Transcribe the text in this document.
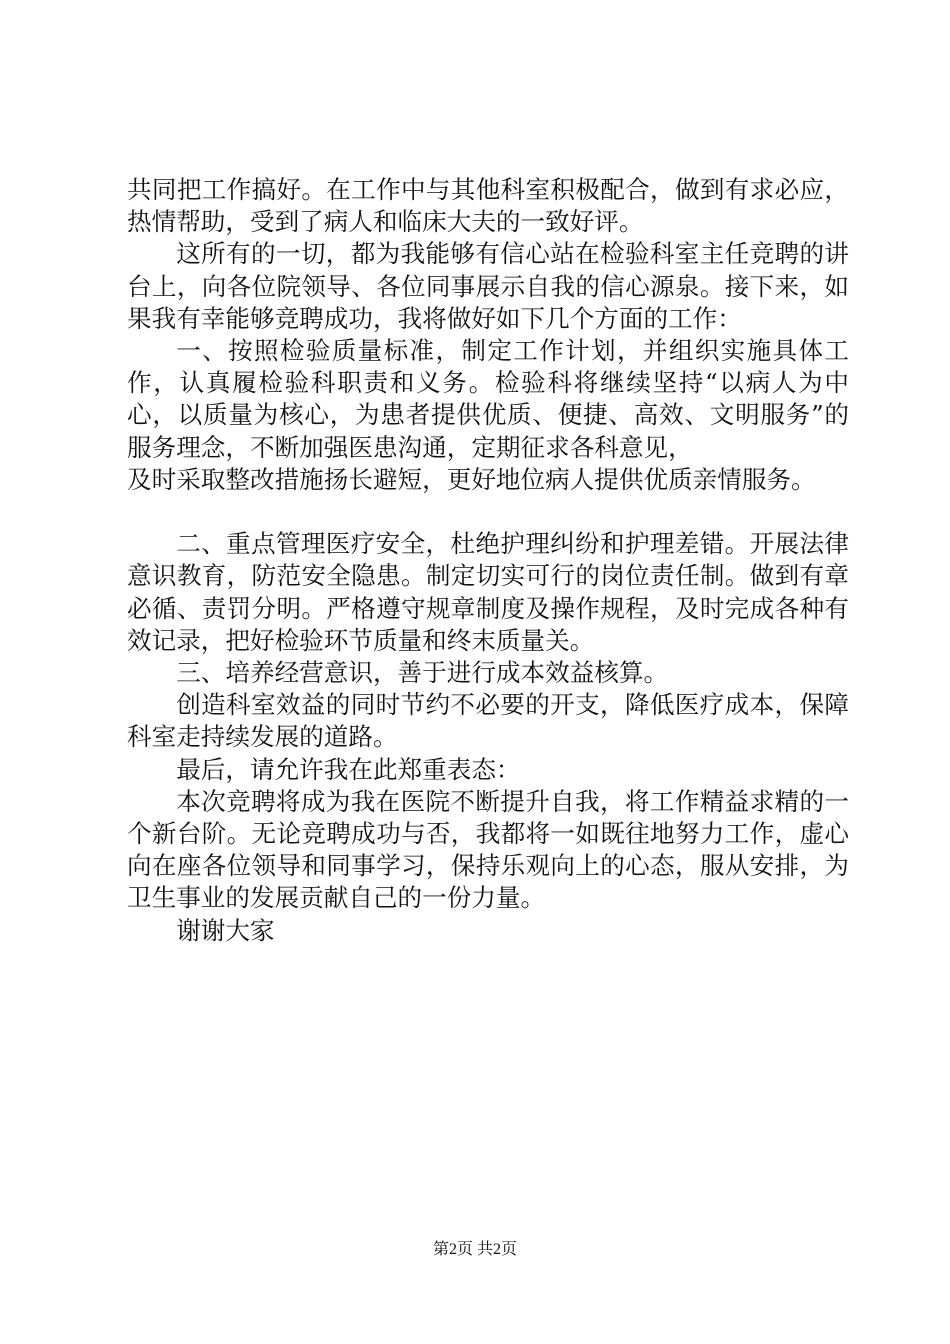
共同把工作搞好。在工作中与其他科室积极配合，做到有求必应，热情帮助，受到了病人和临床大夫的一致好评。

这所有的一切，都为我能够有信心站在检验科室主任竞聘的讲台上，向各位院领导、各位同事展示自我的信心源泉。接下来，如果我有幸能够竞聘成功，我将做好如下几个方面的工作：

一、按照检验质量标准，制定工作计划，并组织实施具体工作，认真履检验科职责和义务。检验科将继续坚持“以病人为中心，以质量为核心，为患者提供优质、便捷、高效、文明服务”的服务理念，不断加强医患沟通，定期征求各科意见，

及时采取整改措施扬长避短，更好地位病人提供优质亲情服务。

二、重点管理医疗安全，杜绝护理纠纷和护理差错。开展法律意识教育，防范安全隐患。制定切实可行的岗位责任制。做到有章必循、责罚分明。严格遵守规章制度及操作规程，及时完成各种有效记录，把好检验环节质量和终末质量关。

三、培养经营意识，善于进行成本效益核算。

创造科室效益的同时节约不必要的开支，降低医疗成本，保障科室走持续发展的道路。

最后，请允许我在此郑重表态：

本次竞聘将成为我在医院不断提升自我，将工作精益求精的一个新台阶。无论竞聘成功与否，我都将一如既往地努力工作，虚心向在座各位领导和同事学习，保持乐观向上的心态，服从安排，为卫生事业的发展贡献自己的一份力量。

谢谢大家

第2页 共2页
